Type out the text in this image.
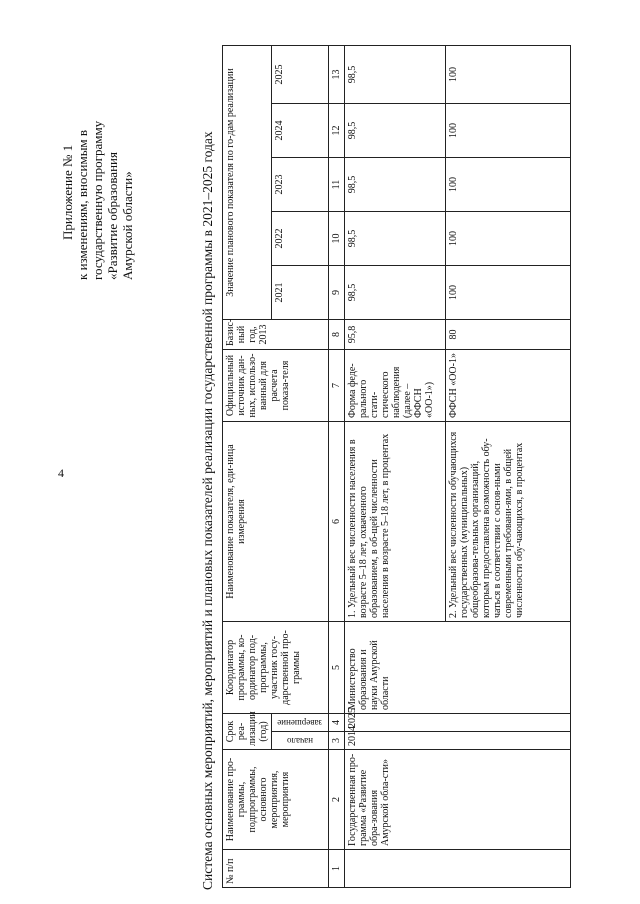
4
Приложение № 1 к изменениям, вносимым в государственную программу «Развитие образования Амурской области»	Система основных мероприятий, мероприятий и плановых показателей реализации государственной программы в 2021–2025 годах № п/п	Наименование про-граммы, подпрограммы, основного мероприятия, мероприятия	Срок реа-лизации (год)		Координатор программы, ко-ординатор под-программы, участник госу-дарственной про-граммы	Наименование показателя, еди-ница измерения	Официальный источник дан-ных, использо-ванный для расчета показа-теля	Базис-ный год, 2013	Значение планового показателя по го-дам реализации				

		начало	завершение					2021	2022	2023	2024	2025

1	2	3	4	5	6	7	8	9	10	11	12	13
	Государственная про-грамма «Развитие обра-зования Амурской обла-сти»	2014	2025	Министерство образования и науки Амурской области	1. Удельный вес численности населения в возрасте 5–18 лет, охваченного образованием, в об-щей численности населения в возрасте 5–18 лет, в процентах	Форма феде-рального стати-стического наблюдения (далее – ФФСН «ОО-1»)	95,8	98,5	98,5	98,5	98,5	98,5
					2. Удельный вес численности обучающихся государственных (муниципальных) общеобразова-тельных организаций, которым предоставлена возможность обу-чаться в соответствии с основ-ными современными требовани-ями, в общей численности обу-чающихся, в процентах	ФФСН «ОО-1»	80	100	100	100	100	100
